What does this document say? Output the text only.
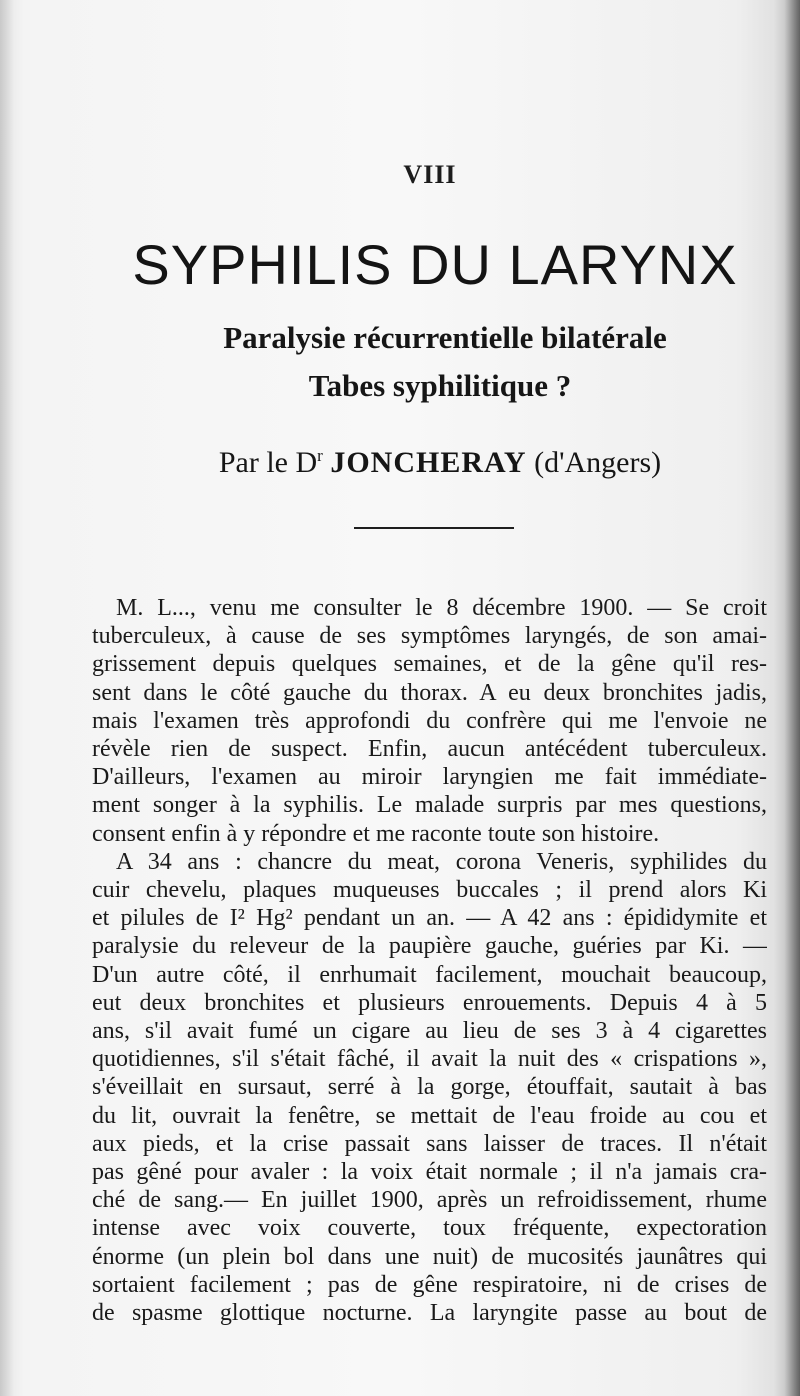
VIII
SYPHILIS DU LARYNX
Paralysie récurrentielle bilatérale
Tabes syphilitique ?
Par le $D^r$ JONCHERAY (d'Angers)
M. L..., venu me consulter le 8 décembre 1900. — Se croit
tuberculeux, à cause de ses symptômes laryngés, de son amai-
grissement depuis quelques semaines, et de la gêne qu'il res-
sent dans le côté gauche du thorax. A eu deux bronchites jadis,
mais l'examen très approfondi du confrère qui me l'envoie ne
révèle rien de suspect. Enfin, aucun antécédent tuberculeux.
D'ailleurs, l'examen au miroir laryngien me fait immédiate-
ment songer à la syphilis. Le malade surpris par mes questions,
consent enfin à y répondre et me raconte toute son histoire.
A 34 ans : chancre du meat, corona Veneris, syphilides du
cuir chevelu, plaques muqueuses buccales ; il prend alors Ki
et pilules de I² Hg² pendant un an. — A 42 ans : épididymite et
paralysie du releveur de la paupière gauche, guéries par Ki. —
D'un autre côté, il enrhumait facilement, mouchait beaucoup,
eut deux bronchites et plusieurs enrouements. Depuis 4 à 5
ans, s'il avait fumé un cigare au lieu de ses 3 à 4 cigarettes
quotidiennes, s'il s'était fâché, il avait la nuit des « crispations »,
s'éveillait en sursaut, serré à la gorge, étouffait, sautait à bas
du lit, ouvrait la fenêtre, se mettait de l'eau froide au cou et
aux pieds, et la crise passait sans laisser de traces. Il n'était
pas gêné pour avaler : la voix était normale ; il n'a jamais cra-
ché de sang.— En juillet 1900, après un refroidissement, rhume
intense avec voix couverte, toux fréquente, expectoration
énorme (un plein bol dans une nuit) de mucosités jaunâtres qui
sortaient facilement ; pas de gêne respiratoire, ni de crises de
de spasme glottique nocturne. La laryngite passe au bout de
